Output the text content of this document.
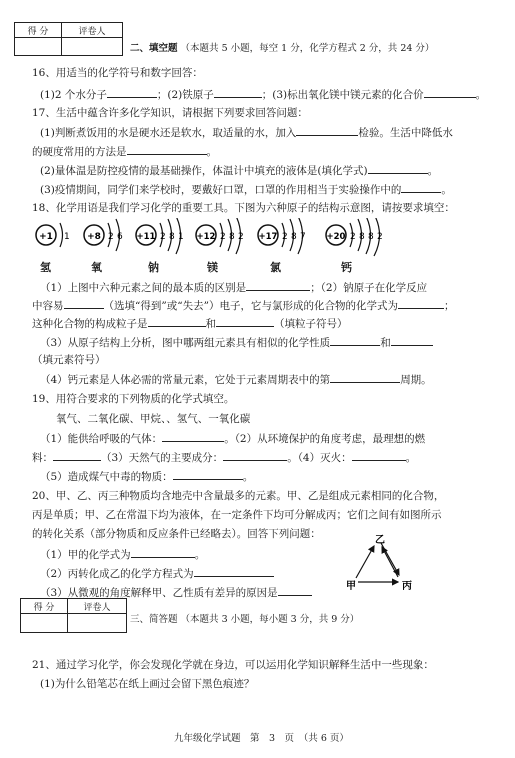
得 分	评卷人

二、填空题 （本题共 5 小题，每空 1 分，化学方程式 2 分，共 24 分）
16、用适当的化学符号和数字回答：
(1)2 个水分子	；(2)铁原子	；(3)标出氧化镁中镁元素的化合价	。
17、生活中蕴含许多化学知识，请根据下列要求回答问题：
(1)判断煮饭用的水是硬水还是软水，取适量的水，加入	检验。生活中降低水
的硬度常用的方法是	。
(2)量体温是防控疫情的最基础操作，体温计中填充的液体是(填化学式)	。
(3)疫情期间，同学们来学校时，要戴好口罩，口罩的作用相当于实验操作中的	。
18、化学用语是我们学习化学的重要工具。下图为六种原子的结构示意图，请按要求填空：
+1 1 +8 2 6 +11 2 8 1 +12 2 8 2 +17 2 8 7 +20 2 8 8 2
氢	氧	钠	镁	氯	钙
（1）上图中六种元素之间的最本质的区别是	；（2）钠原子在化学反应
中容易	（选填“得到”或“失去”）电子，它与氯形成的化合物的化学式为	；
这种化合物的构成粒子是	和	（填粒子符号）
（3）从原子结构上分析，图中哪两组元素具有相似的化学性质	和
（填元素符号）
（4）钙元素是人体必需的常量元素，它处于元素周期表中的第	周期。
19、用符合要求的下列物质的化学式填空。
氧气、二氧化碳、甲烷、、氢气、一氧化碳
（1）能供给呼吸的气体：	。（2）从环境保护的角度考虑，最理想的燃
料：	（3）天然气的主要成分：	。（4）灭火：	。
（5）造成煤气中毒的物质：	。
20、甲、乙、丙三种物质均含地壳中含量最多的元素。甲、乙是组成元素相同的化合物，
丙是单质；甲、乙在常温下均为液体，在一定条件下均可分解成丙；它们之间有如图所示
的转化关系（部分物质和反应条件已经略去）。回答下列问题：
（1）甲的化学式为	。
（2）丙转化成乙的化学方程式为
（3）从微观的角度解释甲、乙性质有差异的原因是
乙
甲	丙
得 分	评卷人

三、简答题 （本题共 3 小题，每小题 3 分，共 9 分）
21、通过学习化学，你会发现化学就在身边，可以运用化学知识解释生活中一些现象：
(1)为什么铅笔芯在纸上画过会留下黑色痕迹？
九年级化学试题　第　3　页　（共 6 页）
